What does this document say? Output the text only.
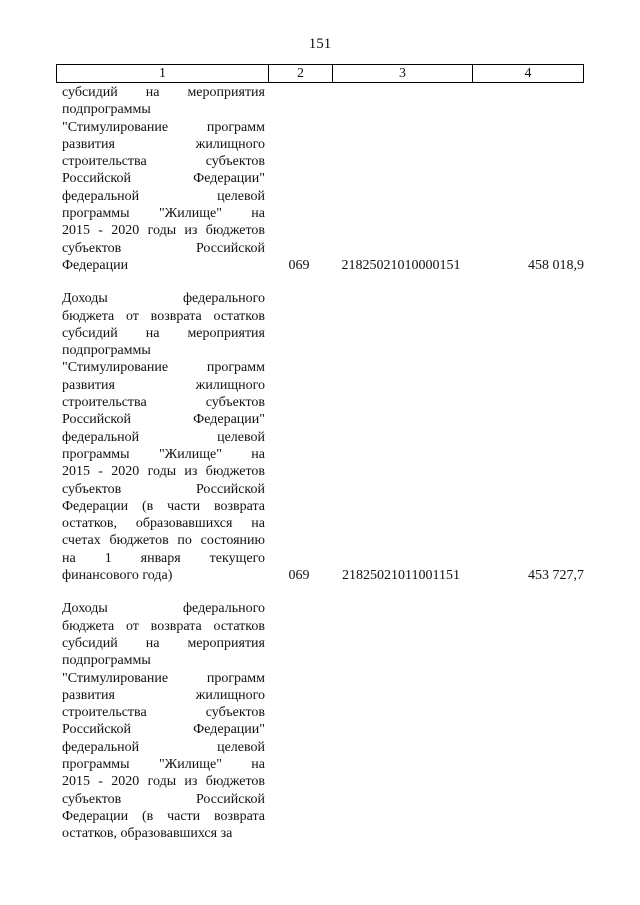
151
1	2	3	4
субсидий на мероприятия
подпрограммы
"Стимулирование программ
развития жилищного
строительства субъектов
Российской Федерации"
федеральной целевой
программы "Жилище" на
2015 - 2020 годы из бюджетов
субъектов Российской
Федерации	069	21825021010000151	458 018,9
Доходы федерального
бюджета от возврата остатков
субсидий на мероприятия
подпрограммы
"Стимулирование программ
развития жилищного
строительства субъектов
Российской Федерации"
федеральной целевой
программы "Жилище" на
2015 - 2020 годы из бюджетов
субъектов Российской
Федерации (в части возврата
остатков, образовавшихся на
счетах бюджетов по состоянию
на 1 января текущего
финансового года)	069	21825021011001151	453 727,7
Доходы федерального
бюджета от возврата остатков
субсидий на мероприятия
подпрограммы
"Стимулирование программ
развития жилищного
строительства субъектов
Российской Федерации"
федеральной целевой
программы "Жилище" на
2015 - 2020 годы из бюджетов
субъектов Российской
Федерации (в части возврата
остатков, образовавшихся за
